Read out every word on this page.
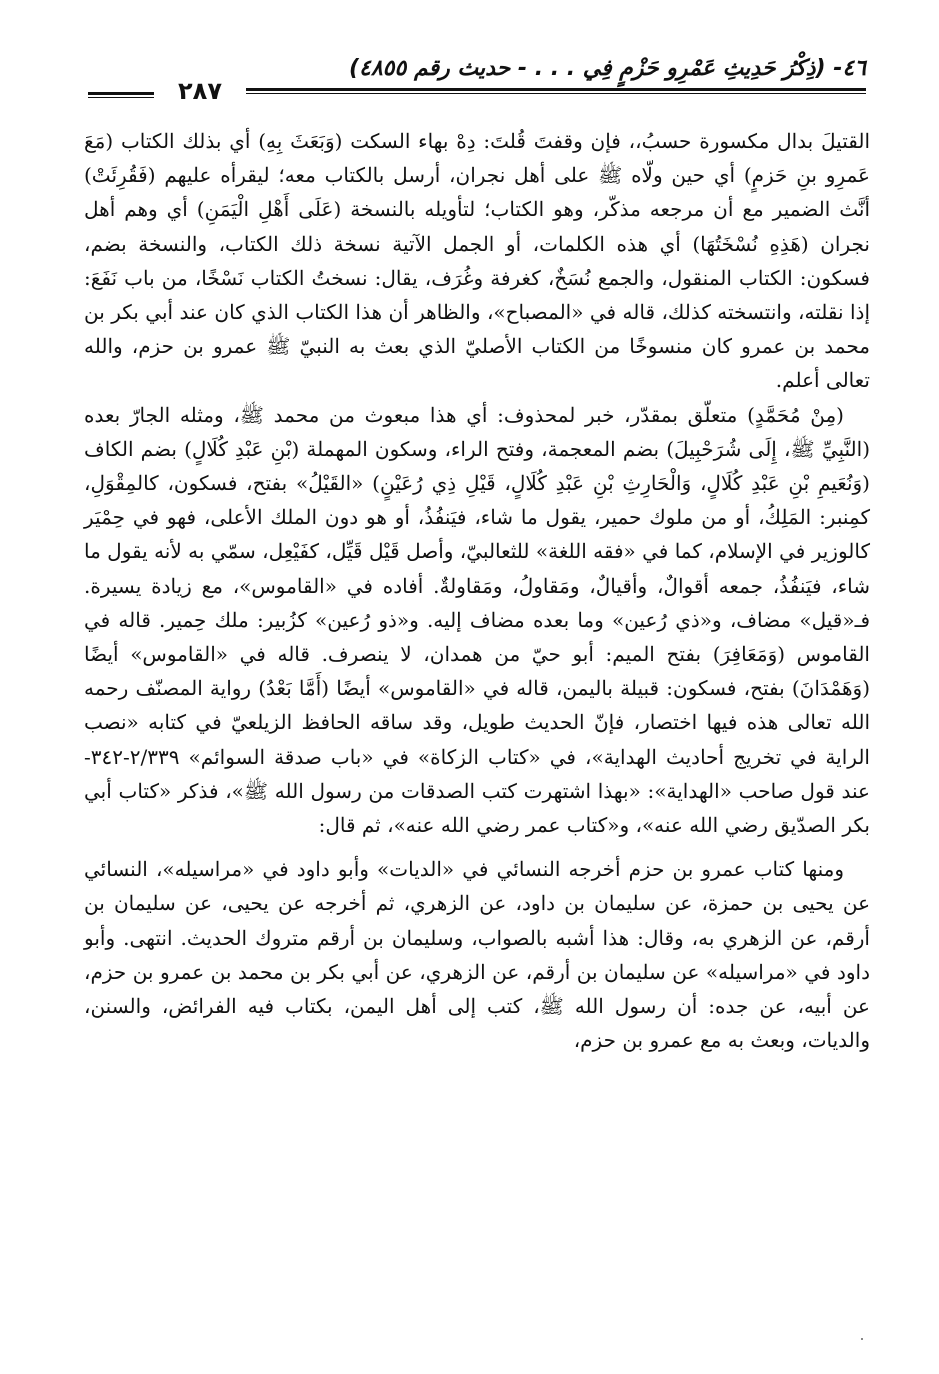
٤٦- (ذِكْرُ حَدِيثِ عَمْرِو حَزْمٍ فِي . . . - حديث رقم ٤٨٥٥)
٢٨٧

القتيلَ بدال مكسورة حسبُ،، فإن وقفتَ قُلتَ: دِهْ بهاء السكت (وَبَعَثَ بِهِ) أي بذلك الكتاب (مَعَ عَمرِو بنِ حَزمٍ) أي حين ولّاه ﷺ على أهل نجران، أرسل بالكتاب معه؛ ليقرأه عليهم (فَقُرِئَتْ) أنَّث الضمير مع أن مرجعه مذكّر، وهو الكتاب؛ لتأويله بالنسخة (عَلَى أَهْلِ الْيَمَنِ) أي وهم أهل نجران (هَذِهِ نُسْخَتُهَا) أي هذه الكلمات، أو الجمل الآتية نسخة ذلك الكتاب، والنسخة بضم، فسكون: الكتاب المنقول، والجمع نُسَخٌ، كغرفة وغُرَف، يقال: نسختُ الكتاب نَسْخًا، من باب نَفَعَ: إذا نقلته، وانتسخته كذلك، قاله في «المصباح»، والظاهر أن هذا الكتاب الذي كان عند أبي بكر بن محمد بن عمرو كان منسوخًا من الكتاب الأصليّ الذي بعث به النبيّ ﷺ عمرو بن حزم، والله تعالى أعلم.

(مِنْ مُحَمَّدٍ) متعلّق بمقدّر، خبر لمحذوف: أي هذا مبعوث من محمد ﷺ، ومثله الجارّ بعده (النَّبِيِّ ﷺ، إِلَى شُرَحْبِيلَ) بضم المعجمة، وفتح الراء، وسكون المهملة (بْنِ عَبْدِ كُلَالٍ) بضم الكاف (وَنُعَيمِ بْنِ عَبْدِ كُلَالٍ، وَالْحَارِثِ بْنِ عَبْدِ كُلَالٍ، قَيْلِ ذِي رُعَيْنٍ) «القَيْلُ» بفتح، فسكون، كالمِقْوَلِ، كمِنبر: المَلِكُ، أو من ملوك حمير، يقول ما شاء، فيَنفُذُ، أو هو دون الملك الأعلى، فهو في حِمْيَر كالوزير في الإسلام، كما في «فقه اللغة» للثعالبيّ، وأصل قَيْل قَيِّل، كفَيْعِل، سمّي به لأنه يقول ما شاء، فيَنفُذُ، جمعه أقوالٌ، وأقيالٌ، ومَقاولُ، ومَقاولةٌ. أفاده في «القاموس»، مع زيادة يسيرة. فـ«قيل» مضاف، و«ذي رُعين» وما بعده مضاف إليه. و«ذو رُعين» كزُبير: ملك حِمير. قاله في القاموس (وَمَعَافِرَ) بفتح الميم: أبو حيّ من همدان، لا ينصرف. قاله في «القاموس» أيضًا (وَهَمْدَانَ) بفتح، فسكون: قبيلة باليمن، قاله في «القاموس» أيضًا (أَمَّا بَعْدُ) رواية المصنّف رحمه الله تعالى هذه فيها اختصار، فإنّ الحديث طويل، وقد ساقه الحافظ الزيلعيّ في كتابه «نصب الراية في تخريج أحاديث الهداية»، في «كتاب الزكاة» في «باب صدقة السوائم» ٢/٣٣٩-٣٤٢- عند قول صاحب «الهداية»: «بهذا اشتهرت كتب الصدقات من رسول الله ﷺ»، فذكر «كتاب أبي بكر الصدّيق رضي الله عنه»، و«كتاب عمر رضي الله عنه»، ثم قال:

ومنها كتاب عمرو بن حزم أخرجه النسائي في «الديات» وأبو داود في «مراسيله»، النسائي عن يحيى بن حمزة، عن سليمان بن داود، عن الزهري، ثم أخرجه عن يحيى، عن سليمان بن أرقم، عن الزهري به، وقال: هذا أشبه بالصواب، وسليمان بن أرقم متروك الحديث. انتهى. وأبو داود في «مراسيله» عن سليمان بن أرقم، عن الزهري، عن أبي بكر بن محمد بن عمرو بن حزم، عن أبيه، عن جده: أن رسول الله ﷺ، كتب إلى أهل اليمن، بكتاب فيه الفرائض، والسنن، والديات، وبعث به مع عمرو بن حزم،
